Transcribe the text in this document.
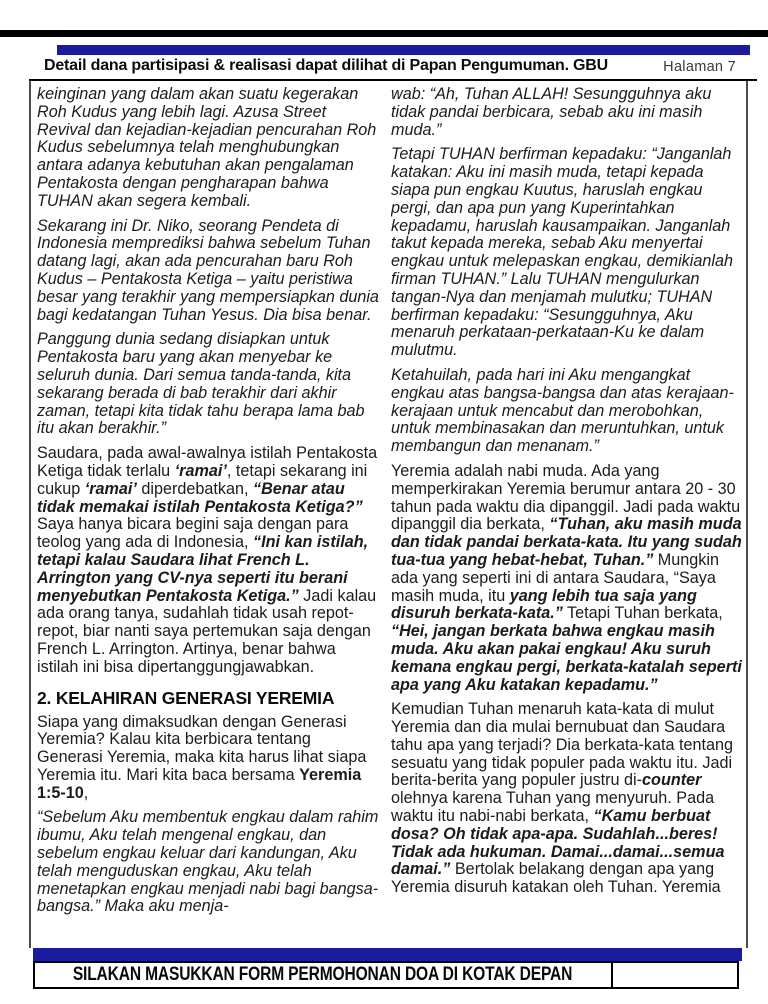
Detail dana partisipasi & realisasi dapat dilihat di Papan Pengumuman. GBU	Halaman 7

keinginan yang dalam akan suatu kegerakan Roh Kudus yang lebih lagi. Azusa Street Revival dan kejadian-kejadian pencurahan Roh Kudus sebelumnya telah menghubungkan antara adanya kebutuhan akan pengalaman Pentakosta dengan pengharapan bahwa TUHAN akan segera kembali.

Sekarang ini Dr. Niko, seorang Pendeta di Indonesia memprediksi bahwa sebelum Tuhan datang lagi, akan ada pencurahan baru Roh Kudus – Pentakosta Ketiga – yaitu peristiwa besar yang terakhir yang mempersiapkan dunia bagi kedatangan Tuhan Yesus. Dia bisa benar.

Panggung dunia sedang disiapkan untuk Pentakosta baru yang akan menyebar ke seluruh dunia. Dari semua tanda-tanda, kita sekarang berada di bab terakhir dari akhir zaman, tetapi kita tidak tahu berapa lama bab itu akan berakhir.”

Saudara, pada awal-awalnya istilah Pentakosta Ketiga tidak terlalu ‘ramai’, tetapi sekarang ini cukup ‘ramai’ diperdebatkan, “Benar atau tidak memakai istilah Pentakosta Ketiga?” Saya hanya bicara begini saja dengan para teolog yang ada di Indonesia, “Ini kan istilah, tetapi kalau Saudara lihat French L. Arrington yang CV-nya seperti itu berani menyebutkan Pentakosta Ketiga.” Jadi kalau ada orang tanya, sudahlah tidak usah repot-repot, biar nanti saya pertemukan saja dengan French L. Arrington. Artinya, benar bahwa istilah ini bisa dipertanggungjawabkan.

2. KELAHIRAN GENERASI YEREMIA

Siapa yang dimaksudkan dengan Generasi Yeremia? Kalau kita berbicara tentang Generasi Yeremia, maka kita harus lihat siapa Yeremia itu. Mari kita baca bersama Yeremia 1:5-10,

“Sebelum Aku membentuk engkau dalam rahim ibumu, Aku telah mengenal engkau, dan sebelum engkau keluar dari kandungan, Aku telah menguduskan engkau, Aku telah menetapkan engkau menjadi nabi bagi bangsa-bangsa.” Maka aku menja-

wab: “Ah, Tuhan ALLAH! Sesungguhnya aku tidak pandai berbicara, sebab aku ini masih muda.”

Tetapi TUHAN berfirman kepadaku: “Janganlah katakan: Aku ini masih muda, tetapi kepada siapa pun engkau Kuutus, haruslah engkau pergi, dan apa pun yang Kuperintahkan kepadamu, haruslah kausampaikan. Janganlah takut kepada mereka, sebab Aku menyertai engkau untuk melepaskan engkau, demikianlah firman TUHAN.” Lalu TUHAN mengulurkan tangan-Nya dan menjamah mulutku; TUHAN berfirman kepadaku: “Sesungguhnya, Aku menaruh perkataan-perkataan-Ku ke dalam mulutmu.

Ketahuilah, pada hari ini Aku mengangkat engkau atas bangsa-bangsa dan atas kerajaan-kerajaan untuk mencabut dan merobohkan, untuk membinasakan dan meruntuhkan, untuk membangun dan menanam.”

Yeremia adalah nabi muda. Ada yang memperkirakan Yeremia berumur antara 20 - 30 tahun pada waktu dia dipanggil. Jadi pada waktu dipanggil dia berkata, “Tuhan, aku masih muda dan tidak pandai berkata-kata. Itu yang sudah tua-tua yang hebat-hebat, Tuhan.” Mungkin ada yang seperti ini di antara Saudara, “Saya masih muda, itu yang lebih tua saja yang disuruh berkata-kata.” Tetapi Tuhan berkata, “Hei, jangan berkata bahwa engkau masih muda. Aku akan pakai engkau! Aku suruh kemana engkau pergi, berkata-katalah seperti apa yang Aku katakan kepadamu.”

Kemudian Tuhan menaruh kata-kata di mulut Yeremia dan dia mulai bernubuat dan Saudara tahu apa yang terjadi? Dia berkata-kata tentang sesuatu yang tidak populer pada waktu itu. Jadi berita-berita yang populer justru di-counter olehnya karena Tuhan yang menyuruh. Pada waktu itu nabi-nabi berkata, “Kamu berbuat dosa? Oh tidak apa-apa. Sudahlah...beres! Tidak ada hukuman. Damai...damai...semua damai.” Bertolak belakang dengan apa yang Yeremia disuruh katakan oleh Tuhan. Yeremia

SILAKAN MASUKKAN FORM PERMOHONAN DOA DI KOTAK DEPAN
